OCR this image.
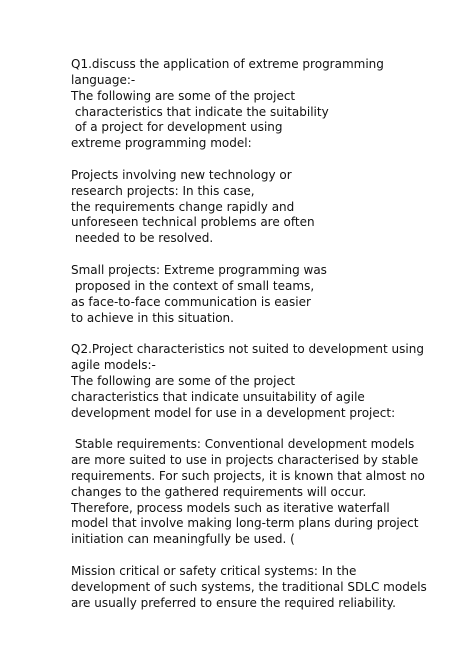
Q1.discuss the application of extreme programming
language:-
The following are some of the project
characteristics that indicate the suitability
of a project for development using
extreme programming model:
Projects involving new technology or
research projects: In this case,
the requirements change rapidly and
unforeseen technical problems are often
needed to be resolved.
Small projects: Extreme programming was
proposed in the context of small teams,
as face-to-face communication is easier
to achieve in this situation.
Q2.Project characteristics not suited to development using
agile models:-
The following are some of the project
characteristics that indicate unsuitability of agile
development model for use in a development project:
Stable requirements: Conventional development models
are more suited to use in projects characterised by stable
requirements. For such projects, it is known that almost no
changes to the gathered requirements will occur.
Therefore, process models such as iterative waterfall
model that involve making long-term plans during project
initiation can meaningfully be used. (
Mission critical or safety critical systems: In the
development of such systems, the traditional SDLC models
are usually preferred to ensure the required reliability.
